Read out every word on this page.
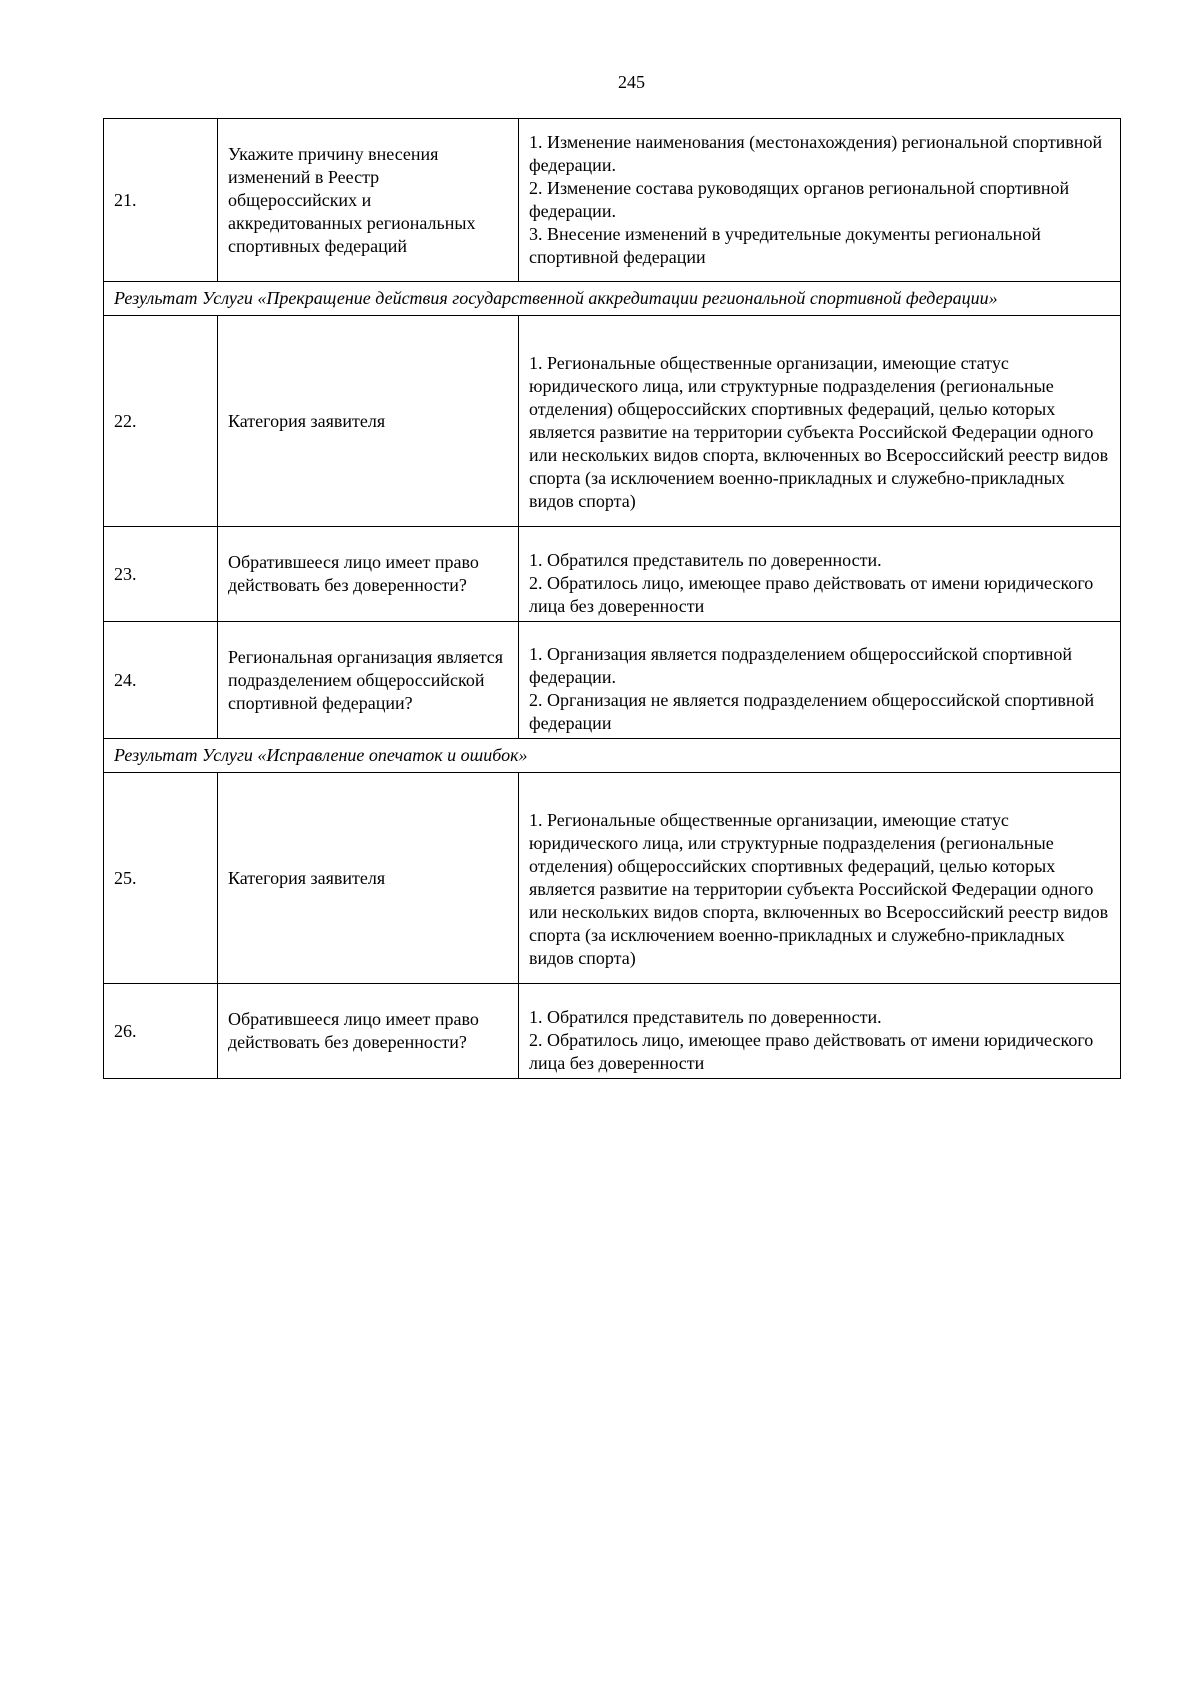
245
21.	Укажите причину внесения изменений в Реестр общероссийских и аккредитованных региональных спортивных федераций	1. Изменение наименования (местонахождения) региональной спортивной федерации.
2. Изменение состава руководящих органов региональной спортивной федерации.
3. Внесение изменений в учредительные документы региональной спортивной федерации

Результат Услуги «Прекращение действия государственной аккредитации региональной спортивной федерации»		
22.	Категория заявителя	1. Региональные общественные организации, имеющие статус юридического лица, или структурные подразделения (региональные отделения) общероссийских спортивных федераций, целью которых является развитие на территории субъекта Российской Федерации одного или нескольких видов спорта, включенных во Всероссийский реестр видов спорта (за исключением военно-прикладных и служебно-прикладных видов спорта)

23.	Обратившееся лицо имеет право действовать без доверенности?	1. Обратился представитель по доверенности.
2. Обратилось лицо, имеющее право действовать от имени юридического лица без доверенности

24.	Региональная организация является подразделением общероссийской спортивной федерации?	1. Организация является подразделением общероссийской спортивной федерации.
2. Организация не является подразделением общероссийской спортивной федерации

Результат Услуги «Исправление опечаток и ошибок»		
25.	Категория заявителя	1. Региональные общественные организации, имеющие статус юридического лица, или структурные подразделения (региональные отделения) общероссийских спортивных федераций, целью которых является развитие на территории субъекта Российской Федерации одного или нескольких видов спорта, включенных во Всероссийский реестр видов спорта (за исключением военно-прикладных и служебно-прикладных видов спорта)

26.	Обратившееся лицо имеет право действовать без доверенности?	1. Обратился представитель по доверенности.
2. Обратилось лицо, имеющее право действовать от имени юридического лица без доверенности
